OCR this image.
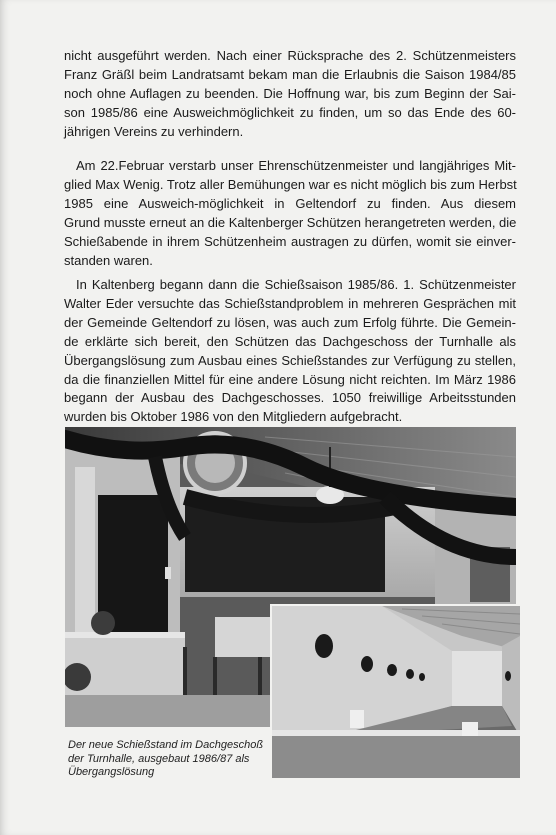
nicht ausgeführt werden. Nach einer Rücksprache des 2. Schützenmeisters
Franz Gräßl beim Landratsamt bekam man die Erlaubnis die Saison 1984/85
noch ohne Auflagen zu beenden. Die Hoffnung war, bis zum Beginn der Sai-
son 1985/86 eine Ausweichmöglichkeit zu finden, um so das Ende des 60-
jährigen Vereins zu verhindern.
Am 22.Februar verstarb unser Ehrenschützenmeister und langjähriges Mit-
glied Max Wenig. Trotz aller Bemühungen war es nicht möglich bis zum Herbst
1985 eine Ausweich-möglichkeit in Geltendorf zu finden. Aus diesem
Grund musste erneut an die Kaltenberger Schützen herangetreten werden, die
Schießabende in ihrem Schützenheim austragen zu dürfen, womit sie einver-
standen waren.
In Kaltenberg begann dann die Schießsaison 1985/86. 1. Schützenmeister
Walter Eder versuchte das Schießstandproblem in mehreren Gesprächen mit
der Gemeinde Geltendorf zu lösen, was auch zum Erfolg führte. Die Gemein-
de erklärte sich bereit, den Schützen das Dachgeschoss der Turnhalle als
Übergangslösung zum Ausbau eines Schießstandes zur Verfügung zu stellen,
da die finanziellen Mittel für eine andere Lösung nicht reichten. Im März 1986
begann der Ausbau des Dachgeschosses. 1050 freiwillige Arbeitsstunden
wurden bis Oktober 1986 von den Mitgliedern aufgebracht.
Der neue Schießstand im Dachgeschoß
der Turnhalle, ausgebaut 1986/87 als
Übergangslösung
